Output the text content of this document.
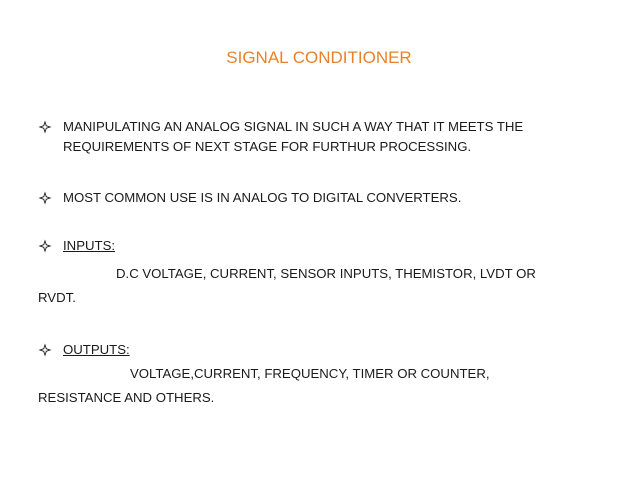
SIGNAL CONDITIONER
MANIPULATING AN ANALOG SIGNAL IN SUCH A WAY THAT IT MEETS THE
REQUIREMENTS OF NEXT STAGE FOR FURTHUR PROCESSING.
MOST COMMON USE IS IN ANALOG TO DIGITAL CONVERTERS.
INPUTS:
D.C VOLTAGE, CURRENT, SENSOR INPUTS, THEMISTOR, LVDT OR
RVDT.
OUTPUTS:
VOLTAGE,CURRENT, FREQUENCY, TIMER OR COUNTER,
RESISTANCE AND OTHERS.
